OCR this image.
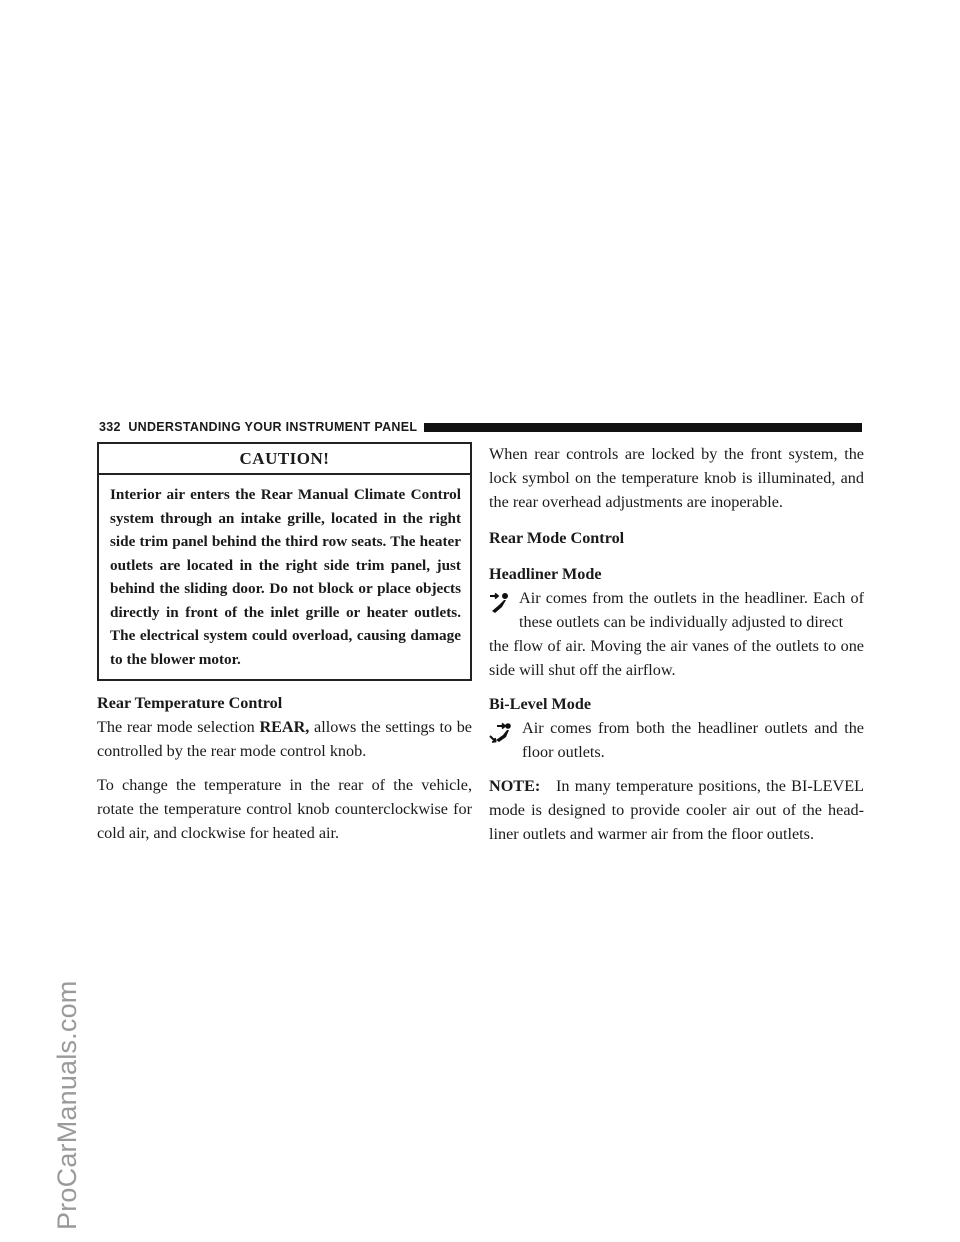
ProCarManuals.com
332
UNDERSTANDING YOUR INSTRUMENT PANEL
CAUTION!

Interior air enters the Rear Manual Climate Control system through an intake grille, located in the right side trim panel behind the third row seats. The heater outlets are located in the right side trim panel, just behind the sliding door. Do not block or place objects directly in front of the inlet grille or heater outlets. The electrical system could overload, causing damage to the blower motor.

Rear Temperature Control

The rear mode selection REAR, allows the settings to be controlled by the rear mode control knob.

To change the temperature in the rear of the vehicle, rotate the temperature control knob counterclockwise for cold air, and clockwise for heated air.

When rear controls are locked by the front system, the lock symbol on the temperature knob is illuminated, and the rear overhead adjustments are inoperable.

Rear Mode Control
Headliner Mode

Air comes from the outlets in the headliner. Each of these outlets can be individually adjusted to direct

the flow of air. Moving the air vanes of the outlets to one side will shut off the airflow.

Bi-Level Mode

Air comes from both the headliner outlets and the floor outlets.

NOTE: In many temperature positions, the BI-LEVEL mode is designed to provide cooler air out of the head-liner outlets and warmer air from the floor outlets.
